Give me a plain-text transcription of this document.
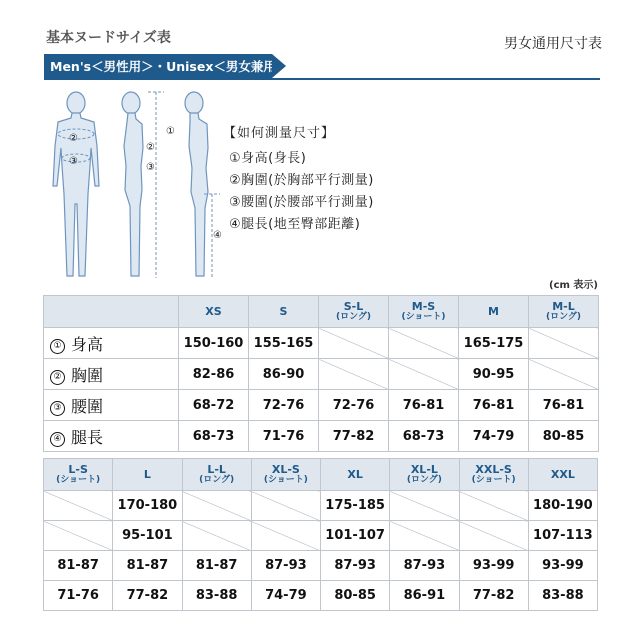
基本ヌードサイズ表	男女通用尺寸表
Men's＜男性用＞・Unisex＜男女兼用＞
②
③
②
③
①
④
【如何測量尺寸】
①身高(身長)
②胸圍(於胸部平行測量)
③腰圍(於腰部平行測量)
④腿長(地至臀部距離)
(cm 表示)
	XS	S	S-L
(ロング)	M-S
(ショート)	M	M-L
(ロング)

① 身高	150-160	155-165			165-175	
② 胸圍	82-86	86-90			90-95	
③ 腰圍	68-72	72-76	72-76	76-81	76-81	76-81
④ 腿長	68-73	71-76	77-82	68-73	74-79	80-85
L-S
(ショート)	L	L-L
(ロング)	XL-S
(ショート)	XL	XL-L
(ロング)	XXL-S
(ショート)	XXL

	170-180			175-185			180-190
	95-101			101-107			107-113
81-87	81-87	81-87	87-93	87-93	87-93	93-99	93-99
71-76	77-82	83-88	74-79	80-85	86-91	77-82	83-88
